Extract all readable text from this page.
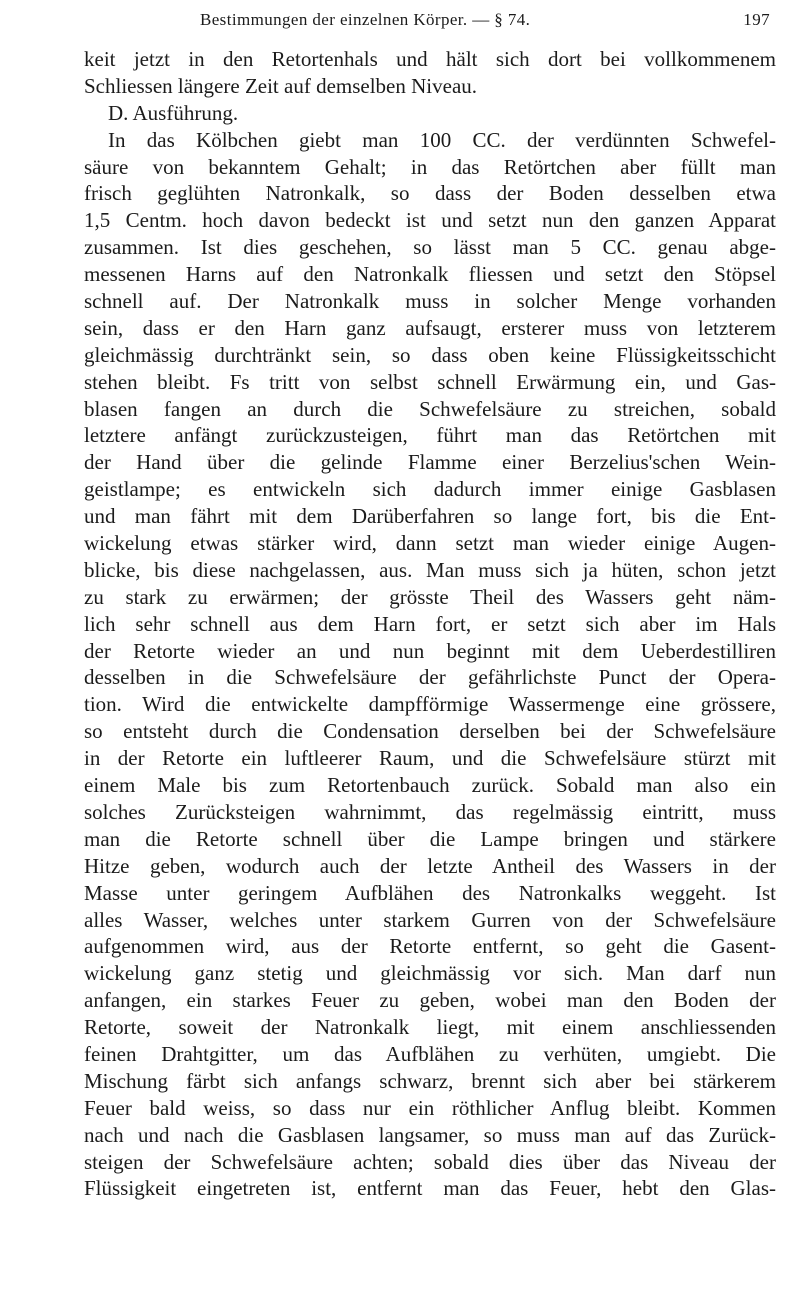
Bestimmungen der einzelnen Körper. — § 74.	197
keit jetzt in den Retortenhals und hält sich dort bei vollkommenem
Schliessen längere Zeit auf demselben Niveau.
D. Ausführung.
In das Kölbchen giebt man 100 CC. der verdünnten Schwefel-
säure von bekanntem Gehalt; in das Retörtchen aber füllt man
frisch geglühten Natronkalk, so dass der Boden desselben etwa
1,5 Centm. hoch davon bedeckt ist und setzt nun den ganzen Apparat
zusammen. Ist dies geschehen, so lässt man 5 CC. genau abge-
messenen Harns auf den Natronkalk fliessen und setzt den Stöpsel
schnell auf. Der Natronkalk muss in solcher Menge vorhanden
sein, dass er den Harn ganz aufsaugt, ersterer muss von letzterem
gleichmässig durchtränkt sein, so dass oben keine Flüssigkeitsschicht
stehen bleibt. Fs tritt von selbst schnell Erwärmung ein, und Gas-
blasen fangen an durch die Schwefelsäure zu streichen, sobald
letztere anfängt zurückzusteigen, führt man das Retörtchen mit
der Hand über die gelinde Flamme einer Berzelius'schen Wein-
geistlampe; es entwickeln sich dadurch immer einige Gasblasen
und man fährt mit dem Darüberfahren so lange fort, bis die Ent-
wickelung etwas stärker wird, dann setzt man wieder einige Augen-
blicke, bis diese nachgelassen, aus. Man muss sich ja hüten, schon jetzt
zu stark zu erwärmen; der grösste Theil des Wassers geht näm-
lich sehr schnell aus dem Harn fort, er setzt sich aber im Hals
der Retorte wieder an und nun beginnt mit dem Ueberdestilliren
desselben in die Schwefelsäure der gefährlichste Punct der Opera-
tion. Wird die entwickelte dampfförmige Wassermenge eine grössere,
so entsteht durch die Condensation derselben bei der Schwefelsäure
in der Retorte ein luftleerer Raum, und die Schwefelsäure stürzt mit
einem Male bis zum Retortenbauch zurück. Sobald man also ein
solches Zurücksteigen wahrnimmt, das regelmässig eintritt, muss
man die Retorte schnell über die Lampe bringen und stärkere
Hitze geben, wodurch auch der letzte Antheil des Wassers in der
Masse unter geringem Aufblähen des Natronkalks weggeht. Ist
alles Wasser, welches unter starkem Gurren von der Schwefelsäure
aufgenommen wird, aus der Retorte entfernt, so geht die Gasent-
wickelung ganz stetig und gleichmässig vor sich. Man darf nun
anfangen, ein starkes Feuer zu geben, wobei man den Boden der
Retorte, soweit der Natronkalk liegt, mit einem anschliessenden
feinen Drahtgitter, um das Aufblähen zu verhüten, umgiebt. Die
Mischung färbt sich anfangs schwarz, brennt sich aber bei stärkerem
Feuer bald weiss, so dass nur ein röthlicher Anflug bleibt. Kommen
nach und nach die Gasblasen langsamer, so muss man auf das Zurück-
steigen der Schwefelsäure achten; sobald dies über das Niveau der
Flüssigkeit eingetreten ist, entfernt man das Feuer, hebt den Glas-
